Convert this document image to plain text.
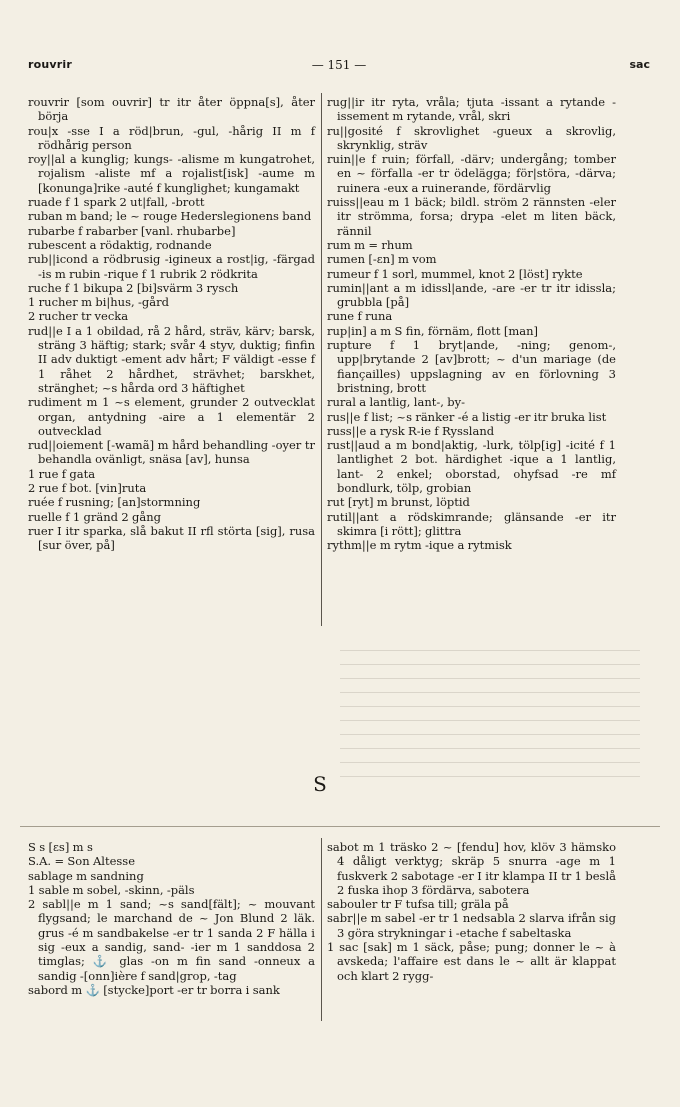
rouvrir	— 151 —	sac

rouvrir [som ouvrir] tr itr åter öppna[s], åter börja

rou|x -sse I a röd|brun, -gul, -hårig II m f rödhårig person

roy||al a kunglig; kungs- -alisme m kungatrohet, rojalism -aliste mf a rojalist[isk] -aume m [konunga]rike -auté f kunglighet; kungamakt

ruade f 1 spark 2 ut|fall, -brott

ruban m band; le ~ rouge Hederslegionens band

rubarbe f rabarber [vanl. rhubarbe]

rubescent a rödaktig, rodnande

rub||icond a rödbrusig -igineux a rost|ig, -färgad -is m rubin -rique f 1 rubrik 2 rödkrita

ruche f 1 bikupa 2 [bi]svärm 3 rysch

1 rucher m bi|hus, -gård

2 rucher tr vecka

rud||e I a 1 obildad, rå 2 hård, sträv, kärv; barsk, sträng 3 häftig; stark; svår 4 styv, duktig; finfin II adv duktigt -ement adv hårt; F väldigt -esse f 1 råhet 2 hårdhet, strävhet; barskhet, stränghet; ~s hårda ord 3 häftighet

rudiment m 1 ~s element, grunder 2 outvecklat organ, antydning -aire a 1 elementär 2 outvecklad

rud||oiement [-wamã] m hård behandling -oyer tr behandla ovänligt, snäsa [av], hunsa

1 rue f gata

2 rue f bot. [vin]ruta

ruée f rusning; [an]stormning

ruelle f 1 gränd 2 gång

ruer I itr sparka, slå bakut II rfl störta [sig], rusa [sur över, på]

rug||ir itr ryta, vråla; tjuta -issant a rytande -issement m rytande, vrål, skri

ru||gosité f skrovlighet -gueux a skrovlig, skrynklig, sträv

ruin||e f ruin; förfall, -därv; undergång; tomber en ~ förfalla -er tr ödelägga; för|störa, -därva; ruinera -eux a ruinerande, fördärvlig

ruiss||eau m 1 bäck; bildl. ström 2 rännsten -eler itr strömma, forsa; drypa -elet m liten bäck, rännil

rum m = rhum

rumen [-ɛn] m vom

rumeur f 1 sorl, mummel, knot 2 [löst] rykte

rumin||ant a m idissl|ande, -are -er tr itr idissla; grubbla [på]

rune f runa

rup|in] a m S fin, förnäm, flott [man]

rupture f 1 bryt|ande, -ning; genom-, upp|brytande 2 [av]brott; ~ d'un mariage (de fiançailles) uppslagning av en förlovning 3 bristning, brott

rural a lantlig, lant-, by-

rus||e f list; ~s ränker -é a listig -er itr bruka list

russ||e a rysk R-ie f Ryssland

rust||aud a m bond|aktig, -lurk, tölp[ig] -icité f 1 lantlighet 2 bot. härdighet -ique a 1 lantlig, lant- 2 enkel; oborstad, ohyfsad -re mf bondlurk, tölp, grobian

rut [ryt] m brunst, löptid

rutil||ant a rödskimrande; glänsande -er itr skimra [i rött]; glittra

rythm||e m rytm -ique a rytmisk

S

S s [ɛs] m s

S.A. = Son Altesse

sablage m sandning

1 sable m sobel, -skinn, -päls

2 sabl||e m 1 sand; ~s sand[fält]; ~ mouvant flygsand; le marchand de ~ Jon Blund 2 läk. grus -é m sandbakelse -er tr 1 sanda 2 F hälla i sig -eux a sandig, sand- -ier m 1 sanddosa 2 timglas; ⚓ glas -on m fin sand -onneux a sandig -[onn]ière f sand|grop, -tag

sabord m ⚓ [stycke]port -er tr borra i sank

sabot m 1 träsko 2 ~ [fendu] hov, klöv 3 hämsko 4 dåligt verktyg; skräp 5 snurra -age m 1 fuskverk 2 sabotage -er I itr klampa II tr 1 beslå 2 fuska ihop 3 fördärva, sabotera

sabouler tr F tufsa till; gräla på

sabr||e m sabel -er tr 1 nedsabla 2 slarva ifrån sig 3 göra strykningar i -etache f sabeltaska

1 sac [sak] m 1 säck, påse; pung; donner le ~ à avskeda; l'affaire est dans le ~ allt är klappat och klart 2 rygg-
